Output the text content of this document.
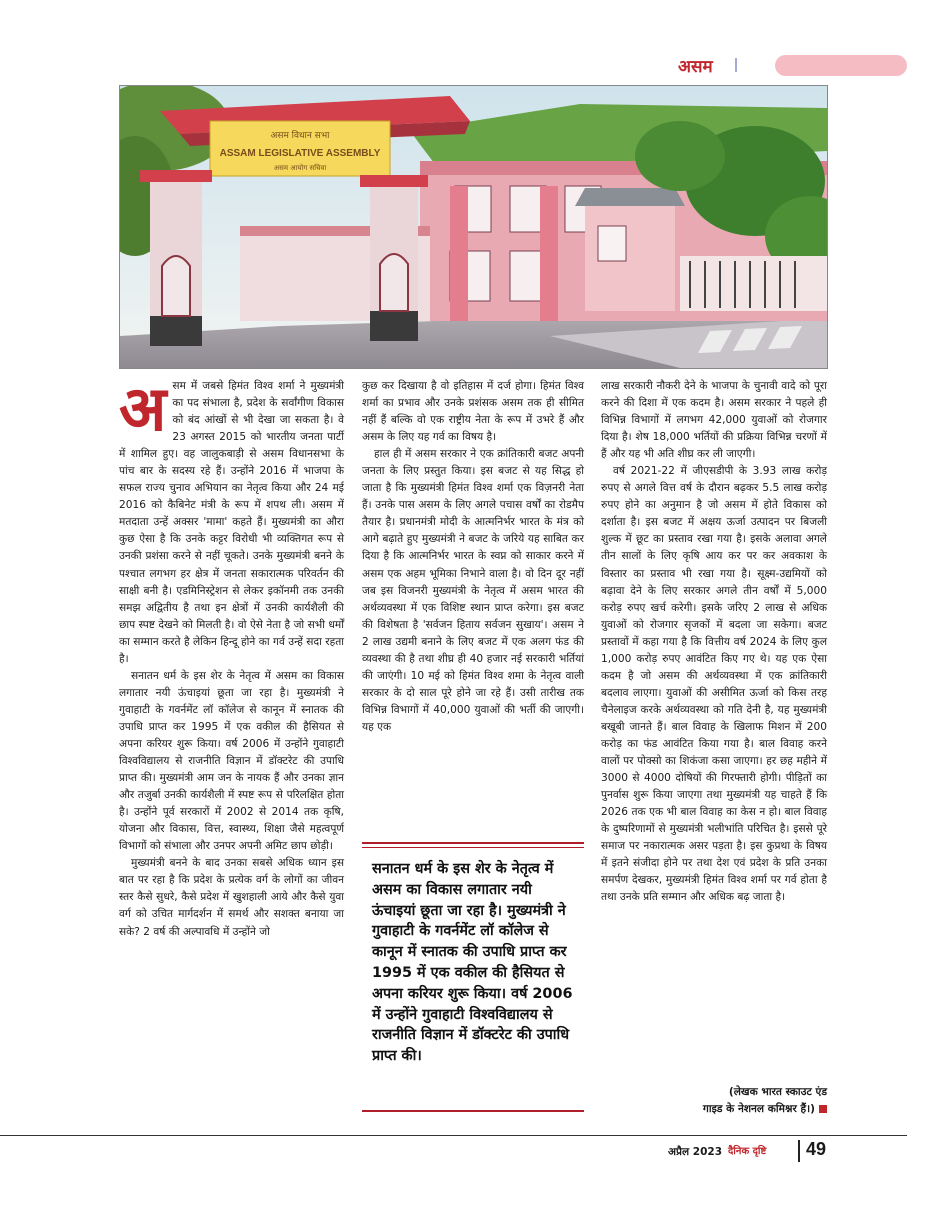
असम
असम विधान सभा
ASSAM LEGISLATIVE ASSEMBLY
असम आयोग सचिवा
अ सम में जबसे हिमंत विश्व शर्मा ने मुख्यमंत्री का पद संभाला है, प्रदेश के सर्वांगीण विकास को बंद आंखों से भी देखा जा सकता है। वे 23 अगस्त 2015 को भारतीय जनता पार्टी में शामिल हुए। वह जालुकबाड़ी से असम विधानसभा के पांच बार के सदस्य रहे हैं। उन्होंने 2016 में भाजपा के सफल राज्य चुनाव अभियान का नेतृत्व किया और 24 मई 2016 को कैबिनेट मंत्री के रूप में शपथ ली। असम में मतदाता उन्हें अक्सर 'मामा' कहते हैं। मुख्यमंत्री का औरा कुछ ऐसा है कि उनके कट्टर विरोधी भी व्यक्तिगत रूप से उनकी प्रशंसा करने से नहीं चूकते। उनके मुख्यमंत्री बनने के पश्चात लगभग हर क्षेत्र में जनता सकारात्मक परिवर्तन की साक्षी बनी है। एडमिनिस्ट्रेशन से लेकर इकॉनमी तक उनकी समझ अद्वितीय है तथा इन क्षेत्रों में उनकी कार्यशैली की छाप स्पष्ट देखने को मिलती है। वो ऐसे नेता है जो सभी धर्मों का सम्मान करते है लेकिन हिन्दू होने का गर्व उन्हें सदा रहता है।

सनातन धर्म के इस शेर के नेतृत्व में असम का विकास लगातार नयी ऊंचाइयां छूता जा रहा है। मुख्यमंत्री ने गुवाहाटी के गवर्नमेंट लॉ कॉलेज से कानून में स्नातक की उपाधि प्राप्त कर 1995 में एक वकील की हैसियत से अपना करियर शुरू किया। वर्ष 2006 में उन्होंने गुवाहाटी विश्वविद्यालय से राजनीति विज्ञान में डॉक्टरेट की उपाधि प्राप्त की। मुख्यमंत्री आम जन के नायक हैं और उनका ज्ञान और तजुर्बा उनकी कार्यशैली में स्पष्ट रूप से परिलक्षित होता है। उन्होंने पूर्व सरकारों में 2002 से 2014 तक कृषि, योजना और विकास, वित्त, स्वास्थ्य, शिक्षा जैसे महत्वपूर्ण विभागों को संभाला और उनपर अपनी अमिट छाप छोड़ी।

मुख्यमंत्री बनने के बाद उनका सबसे अधिक ध्यान इस बात पर रहा है कि प्रदेश के प्रत्येक वर्ग के लोगों का जीवन स्तर कैसे सुधरे, कैसे प्रदेश में खुशहाली आये और कैसे युवा वर्ग को उचित मार्गदर्शन में समर्थ और सशक्त बनाया जा सके? 2 वर्ष की अल्पावधि में उन्होंने जो

कुछ कर दिखाया है वो इतिहास में दर्ज होगा। हिमंत विश्व शर्मा का प्रभाव और उनके प्रशंसक असम तक ही सीमित नहीं हैं बल्कि वो एक राष्ट्रीय नेता के रूप में उभरे हैं और असम के लिए यह गर्व का विषय है।

हाल ही में असम सरकार ने एक क्रांतिकारी बजट अपनी जनता के लिए प्रस्तुत किया। इस बजट से यह सिद्ध हो जाता है कि मुख्यमंत्री हिमंत विश्व शर्मा एक विज़नरी नेता हैं। उनके पास असम के लिए अगले पचास वर्षों का रोडमैप तैयार है। प्रधानमंत्री मोदी के आत्मनिर्भर भारत के मंत्र को आगे बढ़ाते हुए मुख्यमंत्री ने बजट के जरिये यह साबित कर दिया है कि आत्मनिर्भर भारत के स्वप्न को साकार करने में असम एक अहम भूमिका निभाने वाला है। वो दिन दूर नहीं जब इस विजनरी मुख्यमंत्री के नेतृत्व में असम भारत की अर्थव्यवस्था में एक विशिष्ट स्थान प्राप्त करेगा। इस बजट की विशेषता है 'सर्वजन हिताय सर्वजन सुखाय'। असम ने 2 लाख उद्यमी बनाने के लिए बजट में एक अलग फंड की व्यवस्था की है तथा शीघ्र ही 40 हजार नई सरकारी भर्तियां की जाएंगी। 10 मई को हिमंत विश्व शमा के नेतृत्व वाली सरकार के दो साल पूरे होने जा रहे हैं। उसी तारीख तक विभिन्न विभागों में 40,000 युवाओं की भर्ती की जाएगी। यह एक

सनातन धर्म के इस शेर के नेतृत्व में असम का विकास लगातार नयी ऊंचाइयां छूता जा रहा है। मुख्यमंत्री ने गुवाहाटी के गवर्नमेंट लॉ कॉलेज से कानून में स्नातक की उपाधि प्राप्त कर 1995 में एक वकील की हैसियत से अपना करियर शुरू किया। वर्ष 2006 में उन्होंने गुवाहाटी विश्वविद्यालय से राजनीति विज्ञान में डॉक्टरेट की उपाधि प्राप्त की।

लाख सरकारी नौकरी देने के भाजपा के चुनावी वादे को पूरा करने की दिशा में एक कदम है। असम सरकार ने पहले ही विभिन्न विभागों में लगभग 42,000 युवाओं को रोजगार दिया है। शेष 18,000 भर्तियों की प्रक्रिया विभिन्न चरणों में हैं और यह भी अति शीघ्र कर ली जाएगी।

वर्ष 2021-22 में जीएसडीपी के 3.93 लाख करोड़ रुपए से अगले वित्त वर्ष के दौरान बढ़कर 5.5 लाख करोड़ रुपए होने का अनुमान है जो असम में होते विकास को दर्शाता है। इस बजट में अक्षय ऊर्जा उत्पादन पर बिजली शुल्क में छूट का प्रस्ताव रखा गया है। इसके अलावा अगले तीन सालों के लिए कृषि आय कर पर कर अवकाश के विस्तार का प्रस्ताव भी रखा गया है। सूक्ष्म-उद्यमियों को बढ़ावा देने के लिए सरकार अगले तीन वर्षों में 5,000 करोड़ रुपए खर्च करेगी। इसके जरिए 2 लाख से अधिक युवाओं को रोजगार सृजकों में बदला जा सकेगा। बजट प्रस्तावों में कहा गया है कि वित्तीय वर्ष 2024 के लिए कुल 1,000 करोड़ रुपए आवंटित किए गए थे। यह एक ऐसा कदम है जो असम की अर्थव्यवस्था में एक क्रांतिकारी बदलाव लाएगा। युवाओं की असीमित ऊर्जा को किस तरह चैनेलाइज करके अर्थव्यवस्था को गति देनी है, यह मुख्यमंत्री बखूबी जानते हैं। बाल विवाह के खिलाफ मिशन में 200 करोड़ का फंड आवंटित किया गया है। बाल विवाह करने वालों पर पोक्सो का शिकंजा कसा जाएगा। हर छह महीने में 3000 से 4000 दोषियों की गिरफ्तारी होगी। पीड़ितों का पुनर्वास शुरू किया जाएगा तथा मुख्यमंत्री यह चाहते हैं कि 2026 तक एक भी बाल विवाह का केस न हो। बाल विवाह के दुष्परिणामों से मुख्यमंत्री भलीभांति परिचित है। इससे पूरे समाज पर नकारात्मक असर पड़ता है। इस कुप्रथा के विषय में इतने संजीदा होने पर तथा देश एवं प्रदेश के प्रति उनका समर्पण देखकर, मुख्यमंत्री हिमंत विश्व शर्मा पर गर्व होता है तथा उनके प्रति सम्मान और अधिक बढ़ जाता है।

(लेखक भारत स्काउट एंड
गाइड के नेशनल कमिश्नर हैं।)
अप्रैल 2023 दैनिक दृष्टि 49
